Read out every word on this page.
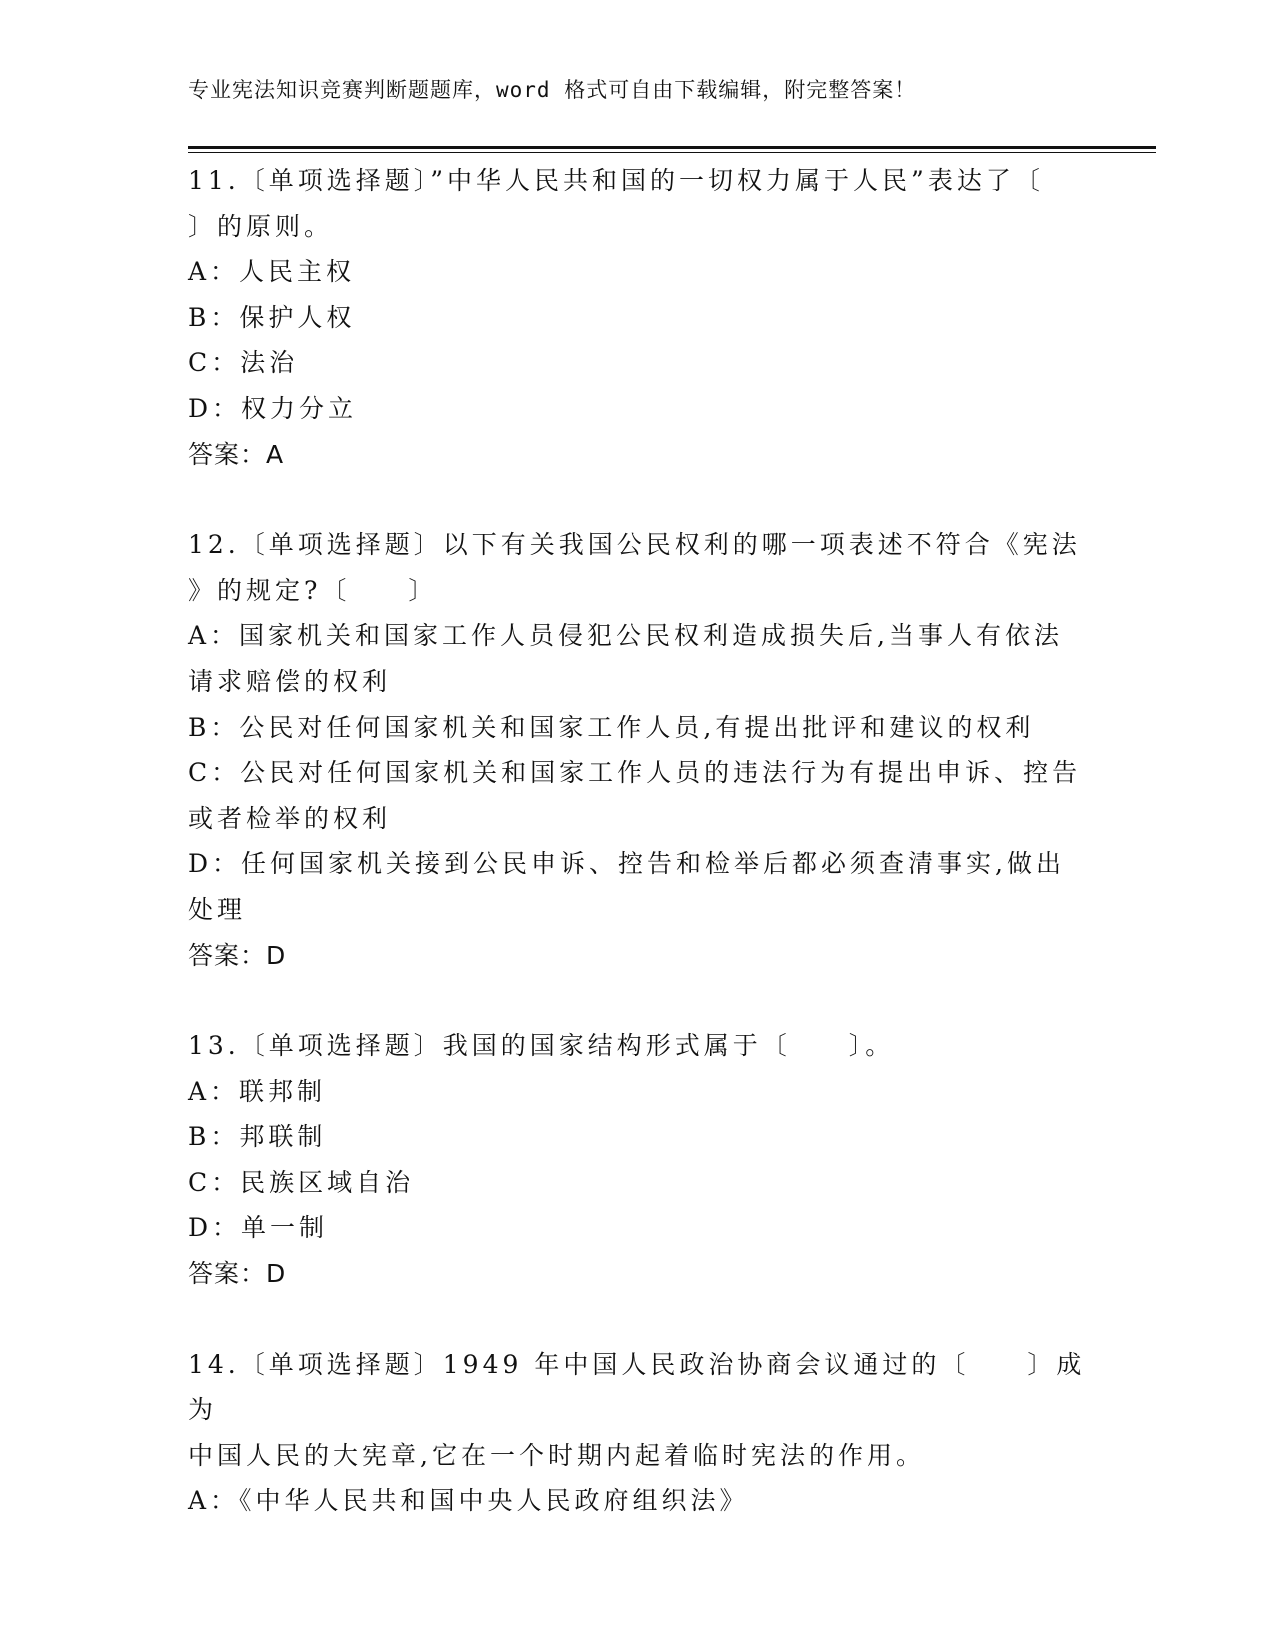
专业宪法知识竞赛判断题题库，word 格式可自由下载编辑，附完整答案！

11.〔单项选择题〕”中华人民共和国的一切权力属于人民”表达了〔

〕的原则。

A：人民主权

B：保护人权

C：法治

D：权力分立

答案：A

12.〔单项选择题〕以下有关我国公民权利的哪一项表述不符合《宪法

》的规定?〔　　〕

A：国家机关和国家工作人员侵犯公民权利造成损失后,当事人有依法

请求赔偿的权利

B：公民对任何国家机关和国家工作人员,有提出批评和建议的权利

C：公民对任何国家机关和国家工作人员的违法行为有提出申诉、控告

或者检举的权利

D：任何国家机关接到公民申诉、控告和检举后都必须查清事实,做出

处理

答案：D

13.〔单项选择题〕我国的国家结构形式属于〔　　〕。

A：联邦制

B：邦联制

C：民族区域自治

D：单一制

答案：D

14.〔单项选择题〕1949 年中国人民政治协商会议通过的〔　　〕成为

中国人民的大宪章,它在一个时期内起着临时宪法的作用。

A：《中华人民共和国中央人民政府组织法》
